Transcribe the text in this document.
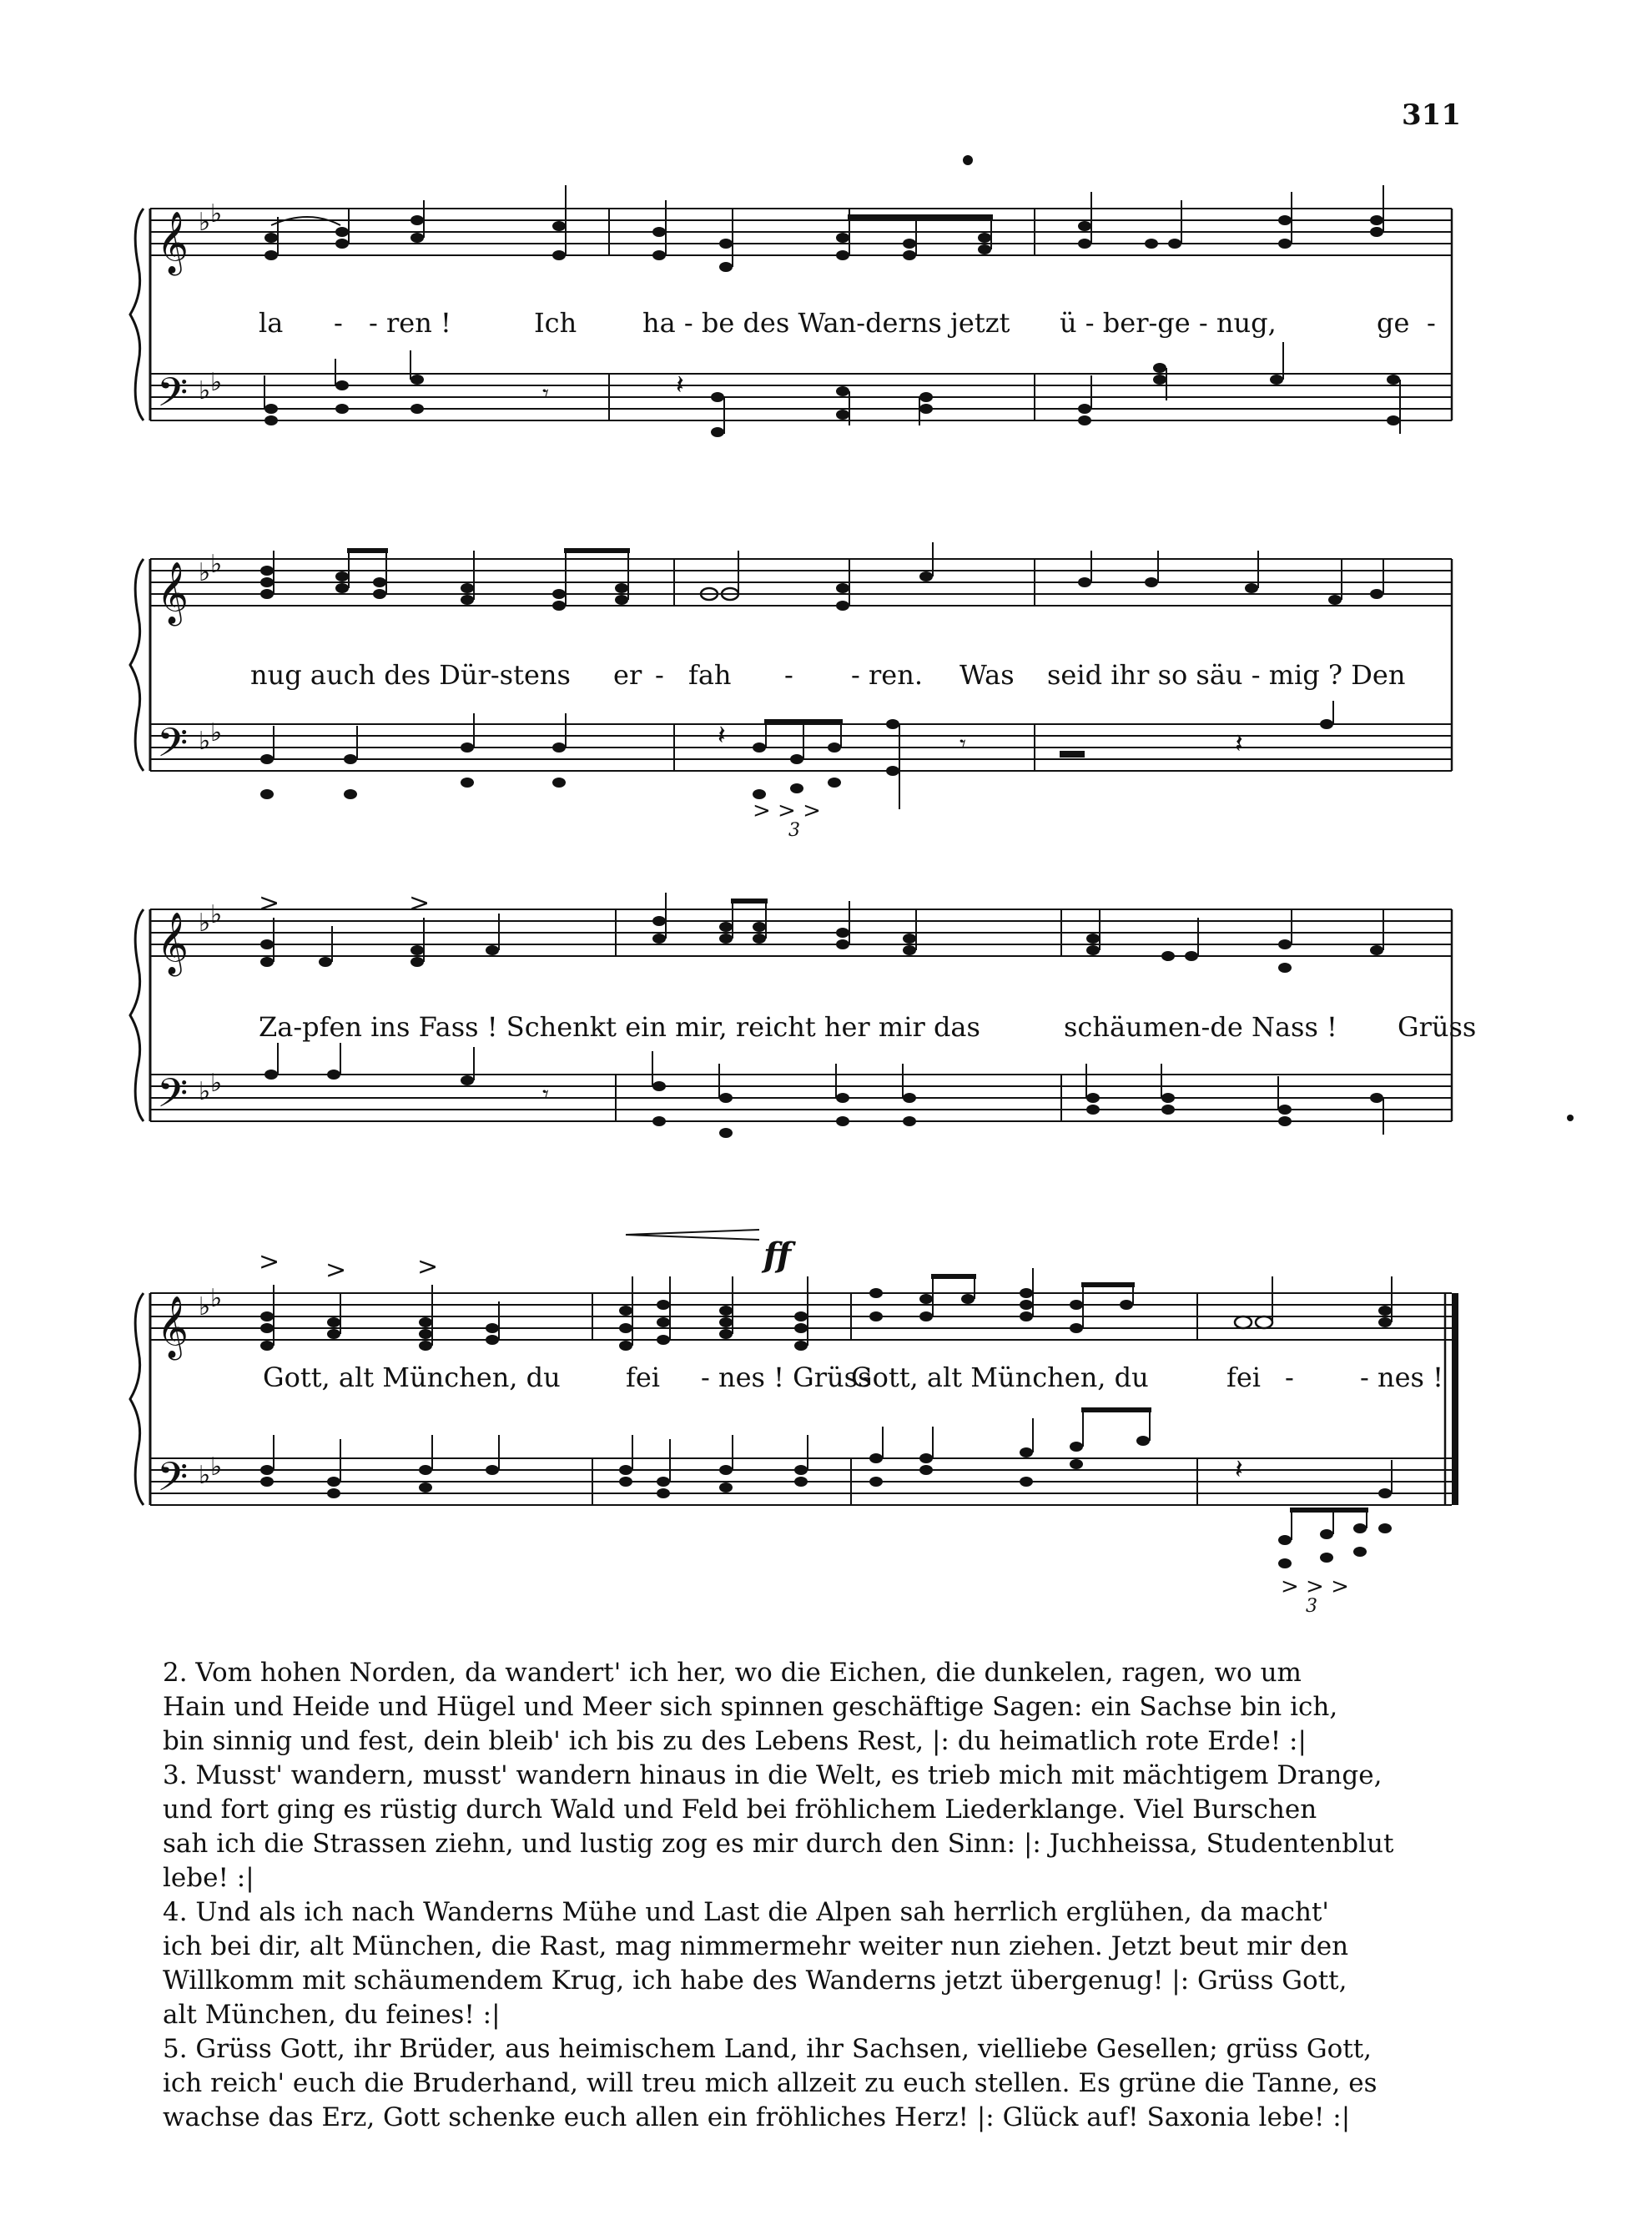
311
𝄞
𝄢
♭ ♭
♭ ♭	𝄽
𝄾
la - - ren !	Ich ha - be des Wan-derns jetzt ü - ber-ge - nug,	ge -
𝄞
𝄢
♭ ♭
♭ ♭	𝄽	𝄾	𝄽
> > >
3
nug auch des Dür-stens er - fah - - ren. Was seid ihr so säu - mig ? Den
𝄞
𝄢
♭ ♭
♭ ♭
>	>
𝄾
Za-pfen ins Fass ! Schenkt ein mir, reicht her mir das	schäumen-de Nass ! Grüss
𝄞
𝄢
♭ ♭
♭ ♭
> >	>	ff
𝄽
> > >
3
Gott, alt München, du fei - nes ! Grüss
Gott, alt München, du	fei - - nes !

2. Vom hohen Norden, da wandert' ich her, wo die Eichen, die dunkelen, ragen, wo um
Hain und Heide und Hügel und Meer sich spinnen geschäftige Sagen: ein Sachse bin ich,
bin sinnig und fest, dein bleib' ich bis zu des Lebens Rest, |: du heimatlich rote Erde! :|

3. Musst' wandern, musst' wandern hinaus in die Welt, es trieb mich mit mächtigem Drange,
und fort ging es rüstig durch Wald und Feld bei fröhlichem Liederklange. Viel Burschen
sah ich die Strassen ziehn, und lustig zog es mir durch den Sinn: |: Juchheissa, Studentenblut
lebe! :|

4. Und als ich nach Wanderns Mühe und Last die Alpen sah herrlich erglühen, da macht'
ich bei dir, alt München, die Rast, mag nimmermehr weiter nun ziehen. Jetzt beut mir den
Willkomm mit schäumendem Krug, ich habe des Wanderns jetzt übergenug! |: Grüss Gott,
alt München, du feines! :|

5. Grüss Gott, ihr Brüder, aus heimischem Land, ihr Sachsen, vielliebe Gesellen; grüss Gott,
ich reich' euch die Bruderhand, will treu mich allzeit zu euch stellen. Es grüne die Tanne, es
wachse das Erz, Gott schenke euch allen ein fröhliches Herz! |: Glück auf! Saxonia lebe! :|
